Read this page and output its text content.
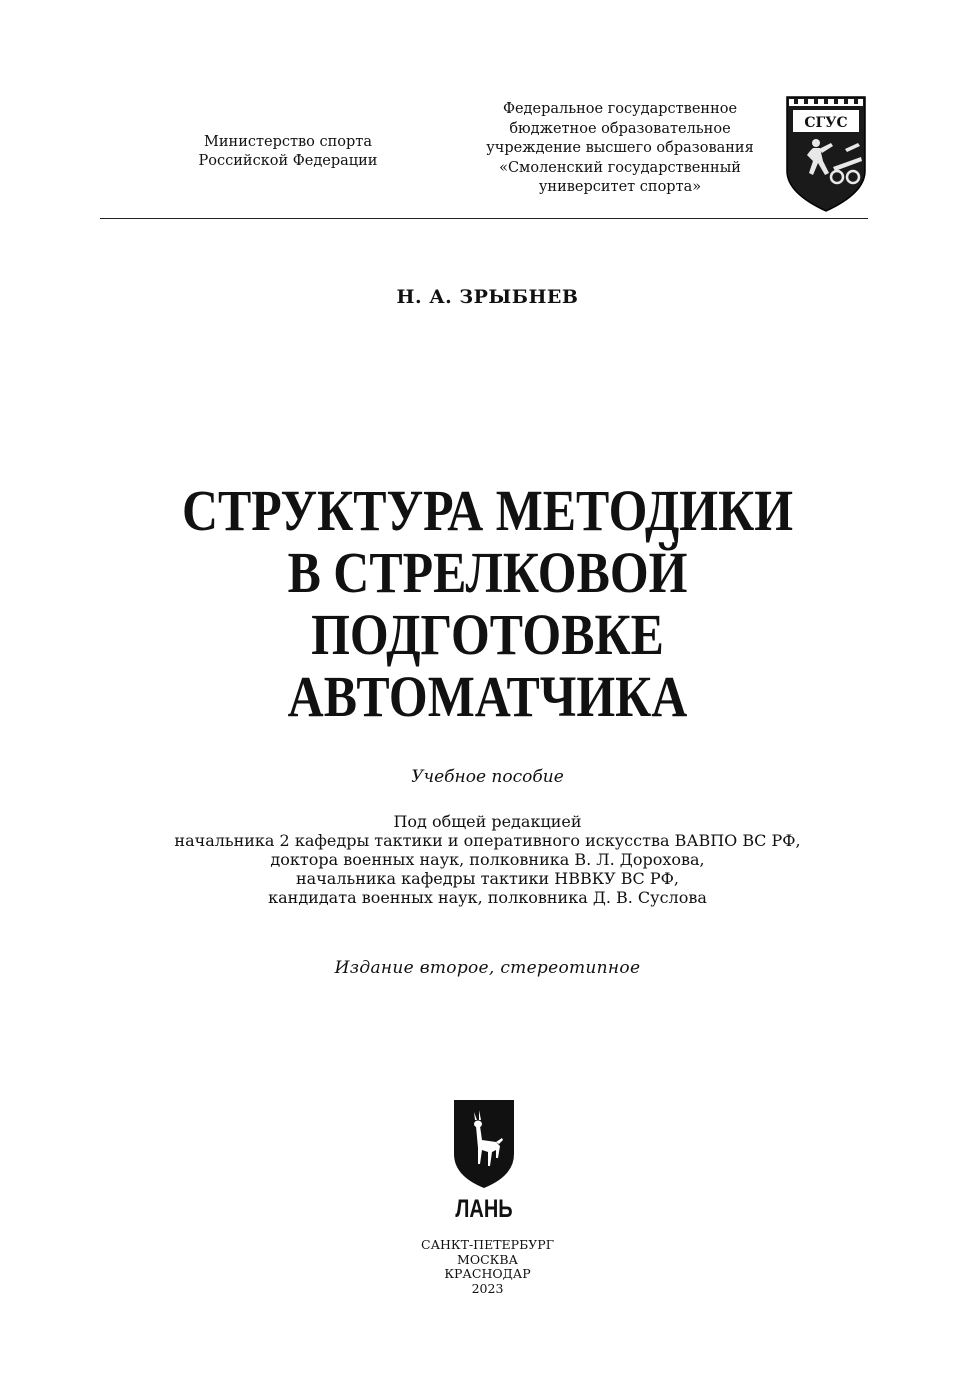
Министерство спорта
Российской Федерации
Федеральное государственное
бюджетное образовательное
учреждение высшего образования
«Смоленский государственный
университет спорта»
СГУС
Н. А. ЗРЫБНЕВ
СТРУКТУРА МЕТОДИКИ
В СТРЕЛКОВОЙ
ПОДГОТОВКЕ
АВТОМАТЧИКА
Учебное пособие
Под общей редакцией
начальника 2 кафедры тактики и оперативного искусства ВАВПО ВС РФ,
доктора военных наук, полковника В. Л. Дорохова,
начальника кафедры тактики НВВКУ ВС РФ,
кандидата военных наук, полковника Д. В. Суслова
Издание второе, стереотипное
ЛАНЬ
САНКТ-ПЕТЕРБУРГ
МОСКВА
КРАСНОДАР
2023
